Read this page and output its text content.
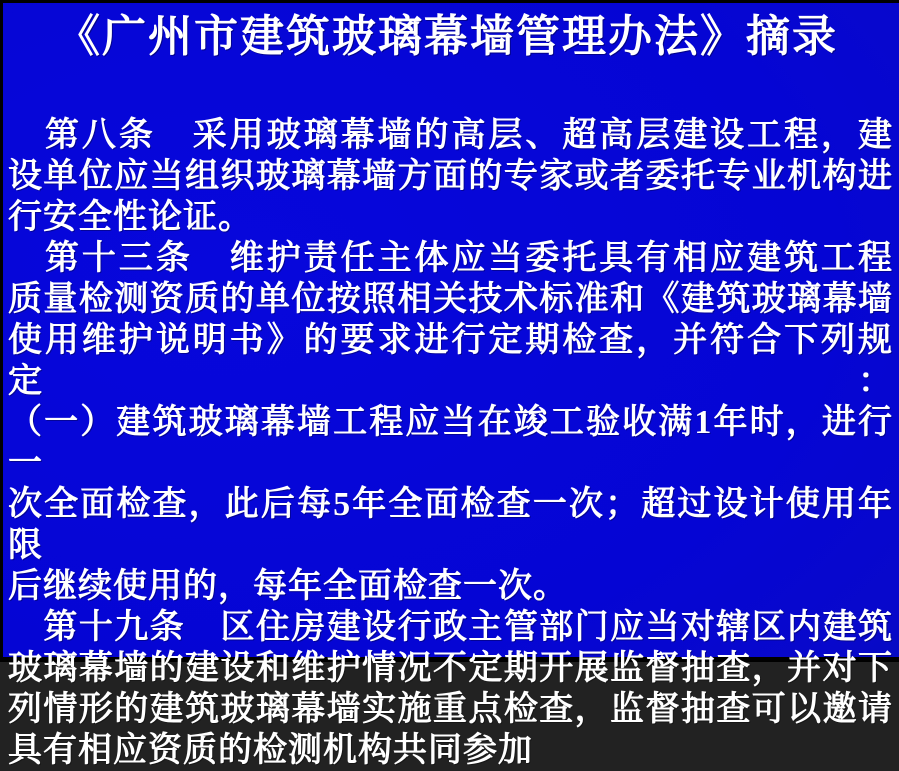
《广州市建筑玻璃幕墙管理办法》摘录
　第八条　采用玻璃幕墙的高层、超高层建设工程，建
设单位应当组织玻璃幕墙方面的专家或者委托专业机构进
行安全性论证。
　第十三条　维护责任主体应当委托具有相应建筑工程
质量检测资质的单位按照相关技术标准和《建筑玻璃幕墙
使用维护说明书》的要求进行定期检查，并符合下列规定：
（一）建筑玻璃幕墙工程应当在竣工验收满1年时，进行一
次全面检查，此后每5年全面检查一次；超过设计使用年限
后继续使用的，每年全面检查一次。
　第十九条　区住房建设行政主管部门应当对辖区内建筑
玻璃幕墙的建设和维护情况不定期开展监督抽查，并对下
列情形的建筑玻璃幕墙实施重点检查，监督抽查可以邀请
具有相应资质的检测机构共同参加
